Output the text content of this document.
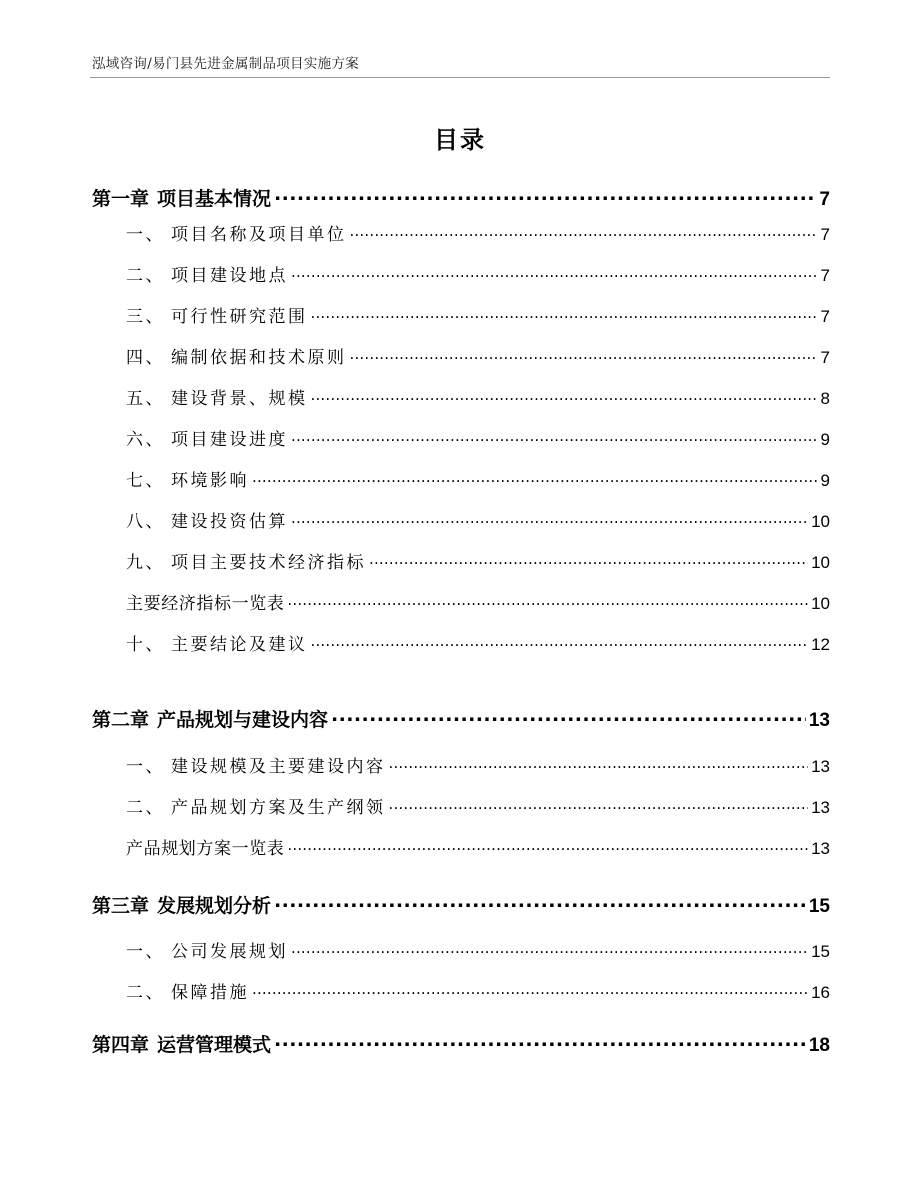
泓域咨询/易门县先进金属制品项目实施方案
目录
第一章 项目基本情况 .....	7
一、 项目名称及项目单位 .....	7
二、 项目建设地点 .....	7
三、 可行性研究范围 .....	7
四、 编制依据和技术原则 .....	7
五、 建设背景、规模 .....	8
六、 项目建设进度 .....	9
七、 环境影响 .....	9
八、 建设投资估算 .....	10
九、 项目主要技术经济指标 .....	10
主要经济指标一览表 .....	10
十、 主要结论及建议 .....	12
第二章 产品规划与建设内容 .....	13
一、 建设规模及主要建设内容 .....	13
二、 产品规划方案及生产纲领 .....	13
产品规划方案一览表 .....	13
第三章 发展规划分析 .....	15
一、 公司发展规划 .....	15
二、 保障措施 .....	16
第四章 运营管理模式 .....	18
